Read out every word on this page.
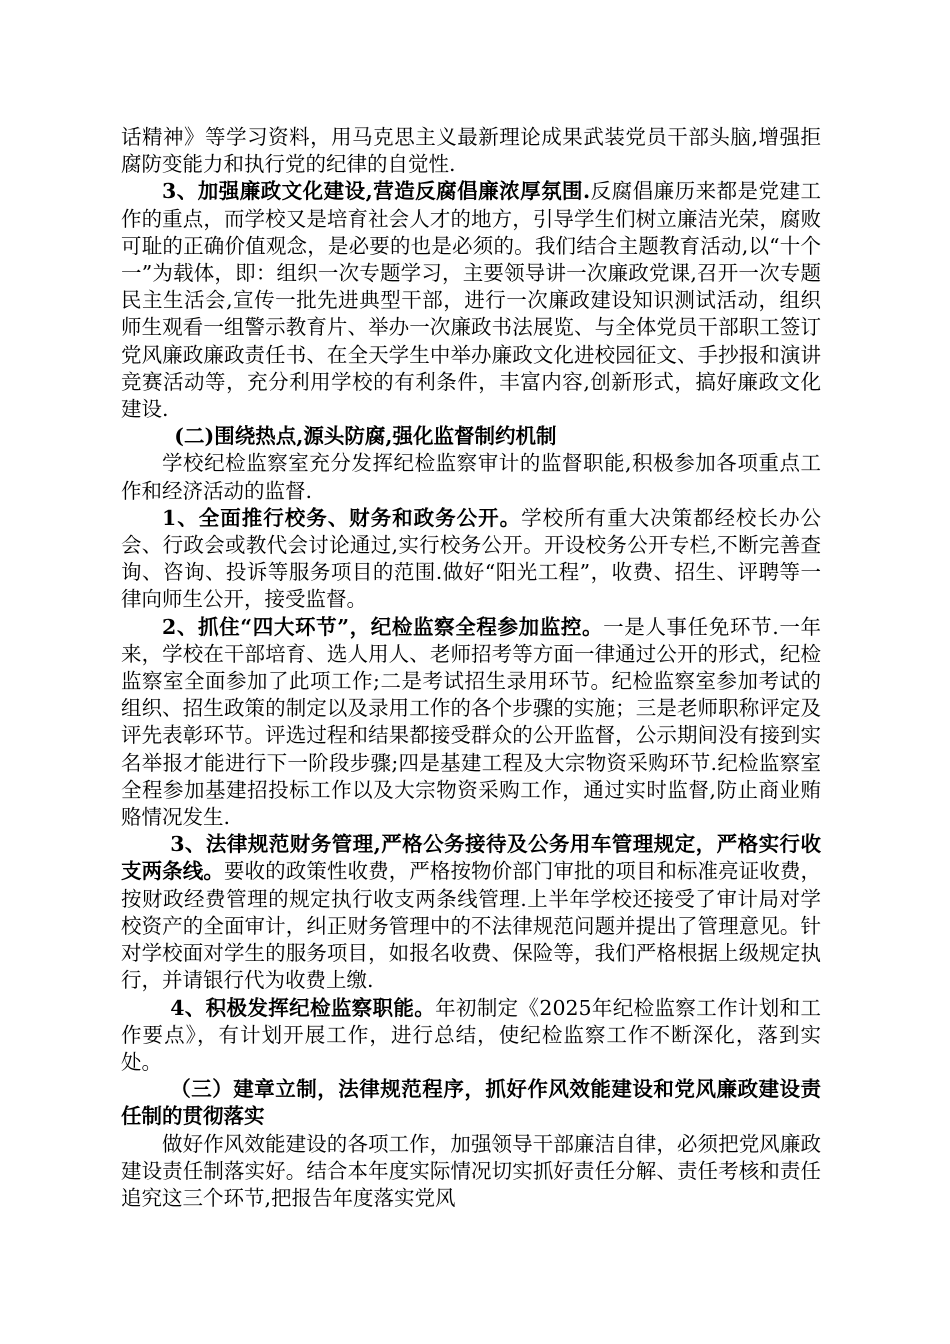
话精神》等学习资料，用马克思主义最新理论成果武装党员干部头脑,增强拒腐防变能力和执行党的纪律的自觉性.

3、加强廉政文化建设,营造反腐倡廉浓厚氛围.反腐倡廉历来都是党建工作的重点，而学校又是培育社会人才的地方，引导学生们树立廉洁光荣，腐败可耻的正确价值观念，是必要的也是必须的。我们结合主题教育活动,以“十个一”为载体，即：组织一次专题学习，主要领导讲一次廉政党课,召开一次专题民主生活会,宣传一批先进典型干部，进行一次廉政建设知识测试活动，组织师生观看一组警示教育片、举办一次廉政书法展览、与全体党员干部职工签订党风廉政廉政责任书、在全天学生中举办廉政文化进校园征文、手抄报和演讲竞赛活动等，充分利用学校的有利条件，丰富内容,创新形式，搞好廉政文化建设.

(二)围绕热点,源头防腐,强化监督制约机制

学校纪检监察室充分发挥纪检监察审计的监督职能,积极参加各项重点工作和经济活动的监督.

1、全面推行校务、财务和政务公开。学校所有重大决策都经校长办公会、行政会或教代会讨论通过,实行校务公开。开设校务公开专栏,不断完善查询、咨询、投诉等服务项目的范围.做好“阳光工程”，收费、招生、评聘等一律向师生公开，接受监督。

2、抓住“四大环节”，纪检监察全程参加监控。一是人事任免环节.一年来，学校在干部培育、选人用人、老师招考等方面一律通过公开的形式，纪检监察室全面参加了此项工作;二是考试招生录用环节。纪检监察室参加考试的组织、招生政策的制定以及录用工作的各个步骤的实施；三是老师职称评定及评先表彰环节。评选过程和结果都接受群众的公开监督，公示期间没有接到实名举报才能进行下一阶段步骤;四是基建工程及大宗物资采购环节.纪检监察室全程参加基建招投标工作以及大宗物资采购工作，通过实时监督,防止商业贿赂情况发生.

3、法律规范财务管理,严格公务接待及公务用车管理规定，严格实行收支两条线。要收的政策性收费，严格按物价部门审批的项目和标准亮证收费，按财政经费管理的规定执行收支两条线管理.上半年学校还接受了审计局对学校资产的全面审计，纠正财务管理中的不法律规范问题并提出了管理意见。针对学校面对学生的服务项目，如报名收费、保险等，我们严格根据上级规定执行，并请银行代为收费上缴.

4、积极发挥纪检监察职能。年初制定《2025年纪检监察工作计划和工作要点》，有计划开展工作，进行总结，使纪检监察工作不断深化，落到实处。

（三）建章立制，法律规范程序，抓好作风效能建设和党风廉政建设责任制的贯彻落实

做好作风效能建设的各项工作，加强领导干部廉洁自律，必须把党风廉政建设责任制落实好。结合本年度实际情况切实抓好责任分解、责任考核和责任追究这三个环节,把报告年度落实党风
